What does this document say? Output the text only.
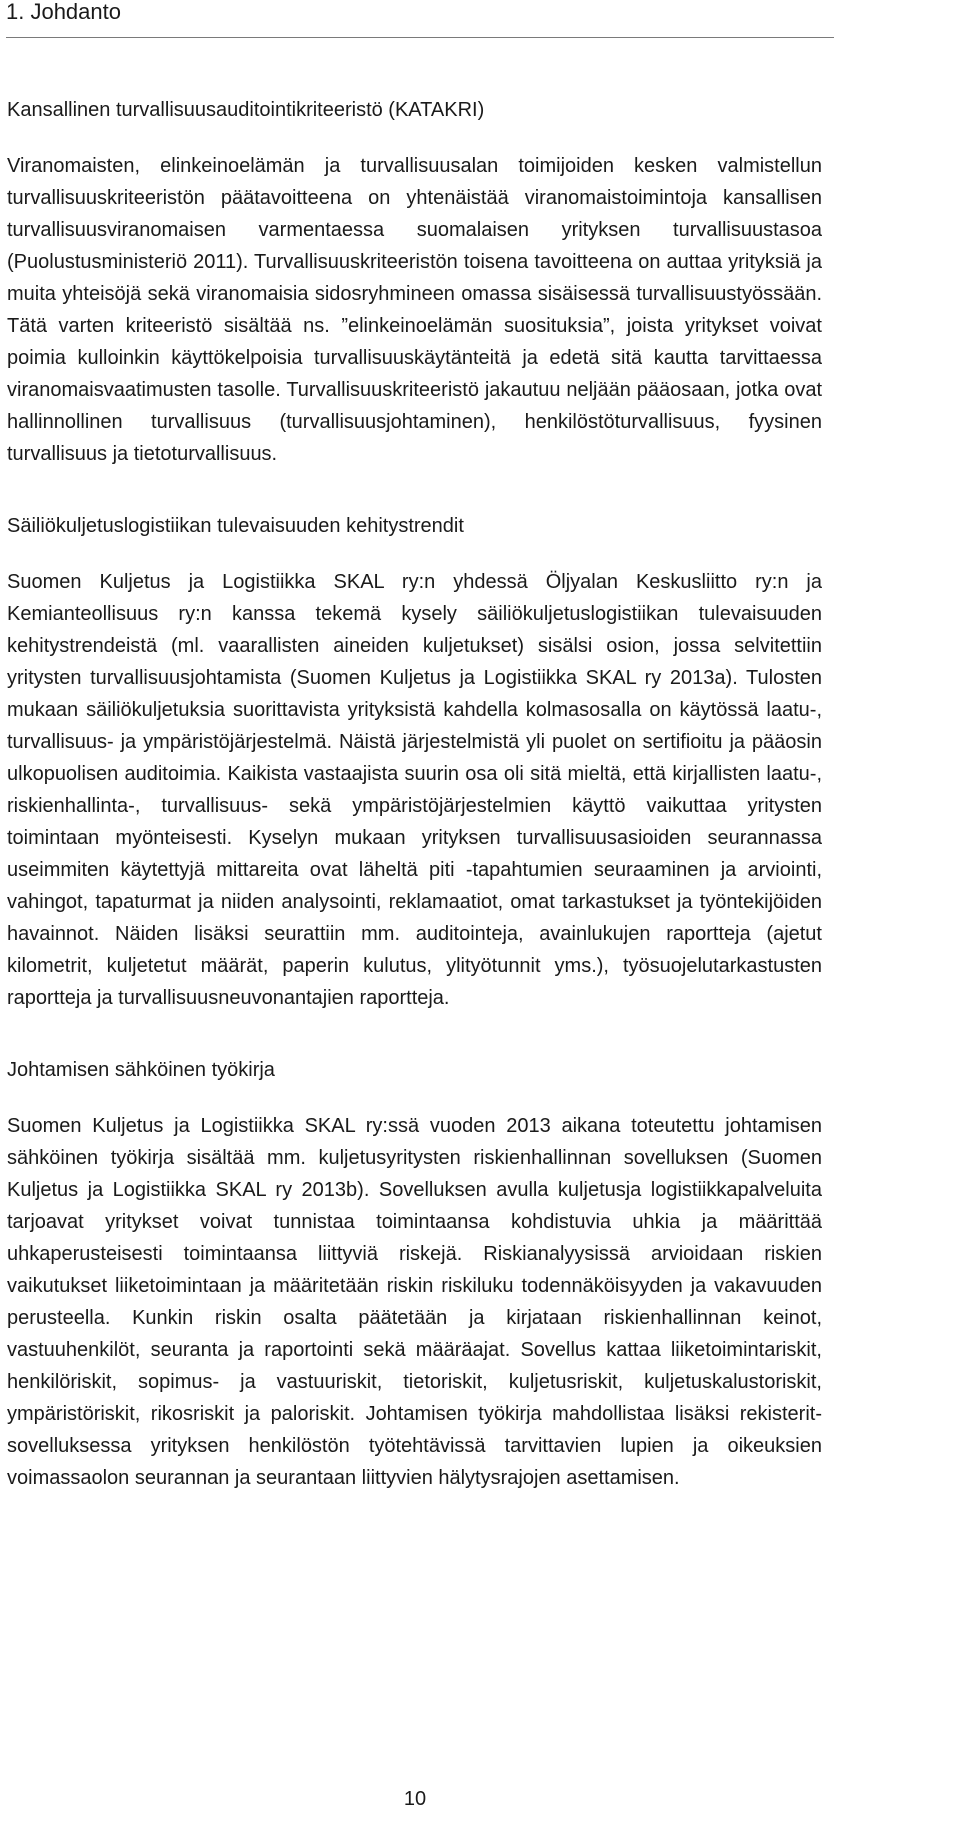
1. Johdanto
Kansallinen turvallisuusauditointikriteeristö (KATAKRI)

Viranomaisten, elinkeinoelämän ja turvallisuusalan toimijoiden kesken valmistellun turvallisuuskriteeristön päätavoitteena on yhtenäistää viranomaistoimintoja kansallisen turvallisuusviranomaisen varmentaessa suomalaisen yrityksen turvallisuustasoa (Puolustusministeriö 2011). Turvallisuuskriteeristön toisena tavoitteena on auttaa yrityksiä ja muita yhteisöjä sekä viranomaisia sidosryhmineen omassa sisäisessä turvallisuustyössään. Tätä varten kriteeristö sisältää ns. ”elinkeinoelämän suosituksia”, joista yritykset voivat poimia kulloinkin käyttökelpoisia turvallisuuskäytänteitä ja edetä sitä kautta tarvittaessa viranomaisvaatimusten tasolle. Turvallisuuskriteeristö jakautuu neljään pääosaan, jotka ovat hallinnollinen turvallisuus (turvallisuusjohtaminen), henkilöstöturvallisuus, fyysinen turvallisuus ja tietoturvallisuus.

Säiliökuljetuslogistiikan tulevaisuuden kehitystrendit

Suomen Kuljetus ja Logistiikka SKAL ry:n yhdessä Öljyalan Keskusliitto ry:n ja Kemianteollisuus ry:n kanssa tekemä kysely säiliökuljetuslogistiikan tulevaisuuden kehitystrendeistä (ml. vaarallisten aineiden kuljetukset) sisälsi osion, jossa selvitettiin yritysten turvallisuusjohtamista (Suomen Kuljetus ja Logistiikka SKAL ry 2013a). Tulosten mukaan säiliökuljetuksia suorittavista yrityksistä kahdella kolmasosalla on käytössä laatu-, turvallisuus- ja ympäristöjärjestelmä. Näistä järjestelmistä yli puolet on sertifioitu ja pääosin ulkopuolisen auditoimia. Kaikista vastaajista suurin osa oli sitä mieltä, että kirjallisten laatu-, riskienhallinta-, turvallisuus- sekä ympäristöjärjestelmien käyttö vaikuttaa yritysten toimintaan myönteisesti. Kyselyn mukaan yrityksen turvallisuusasioiden seurannassa useimmiten käytettyjä mittareita ovat läheltä piti -tapahtumien seuraaminen ja arviointi, vahingot, tapaturmat ja niiden analysointi, reklamaatiot, omat tarkastukset ja työntekijöiden havainnot. Näiden lisäksi seurattiin mm. auditointeja, avainlukujen raportteja (ajetut kilometrit, kuljetetut määrät, paperin kulutus, ylityötunnit yms.), työsuojelutarkastusten raportteja ja turvallisuusneuvonantajien raportteja.

Johtamisen sähköinen työkirja

Suomen Kuljetus ja Logistiikka SKAL ry:ssä vuoden 2013 aikana toteutettu johtamisen sähköinen työkirja sisältää mm. kuljetusyritysten riskienhallinnan sovelluksen (Suomen Kuljetus ja Logistiikka SKAL ry 2013b). Sovelluksen avulla kuljetusja logistiikkapalveluita tarjoavat yritykset voivat tunnistaa toimintaansa kohdistuvia uhkia ja määrittää uhkaperusteisesti toimintaansa liittyviä riskejä. Riskianalyysissä arvioidaan riskien vaikutukset liiketoimintaan ja määritetään riskin riskiluku todennäköisyyden ja vakavuuden perusteella. Kunkin riskin osalta päätetään ja kirjataan riskienhallinnan keinot, vastuuhenkilöt, seuranta ja raportointi sekä määräajat. Sovellus kattaa liiketoimintariskit, henkilöriskit, sopimus- ja vastuuriskit, tietoriskit, kuljetusriskit, kuljetuskalustoriskit, ympäristöriskit, rikosriskit ja paloriskit. Johtamisen työkirja mahdollistaa lisäksi rekisterit-sovelluksessa yrityksen henkilöstön työtehtävissä tarvittavien lupien ja oikeuksien voimassaolon seurannan ja seurantaan liittyvien hälytysrajojen asettamisen.

10
